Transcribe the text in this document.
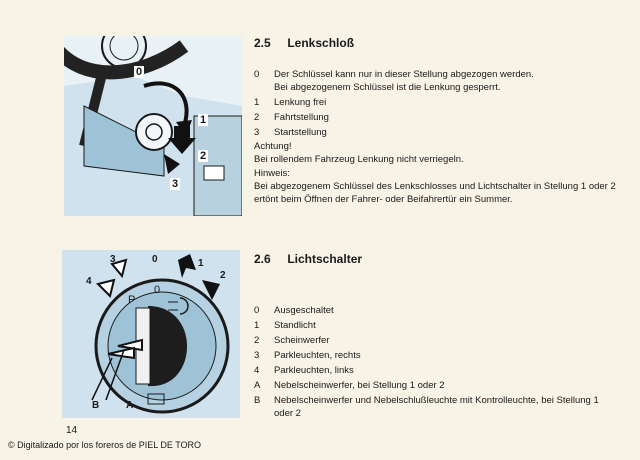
0
1
2
3
2.5 Lenkschloß
0 Der Schlüssel kann nur in dieser Stellung abgezogen werden.
Bei abgezogenem Schlüssel ist die Lenkung gesperrt.
1 Lenkung frei
2 Fahrtstellung
3 Startstellung
Achtung!
Bei rollendem Fahrzeug Lenkung nicht verriegeln.
Hinweis:
Bei abgezogenem Schlüssel des Lenkschlosses und Lichtschalter in Stellung 1 oder 2 ertönt beim Öffnen der Fahrer- oder Beifahrertür ein Summer.
3	0	1
2
4
A
B
P
0
2.6 Lichtschalter
0 Ausgeschaltet
1 Standlicht
2 Scheinwerfer
3 Parkleuchten, rechts
4 Parkleuchten, links
A Nebelscheinwerfer, bei Stellung 1 oder 2
B Nebelscheinwerfer und Nebelschlußleuchte mit Kontrolleuchte, bei Stellung 1
oder 2
14
© Digitalizado por los foreros de PIEL DE TORO
